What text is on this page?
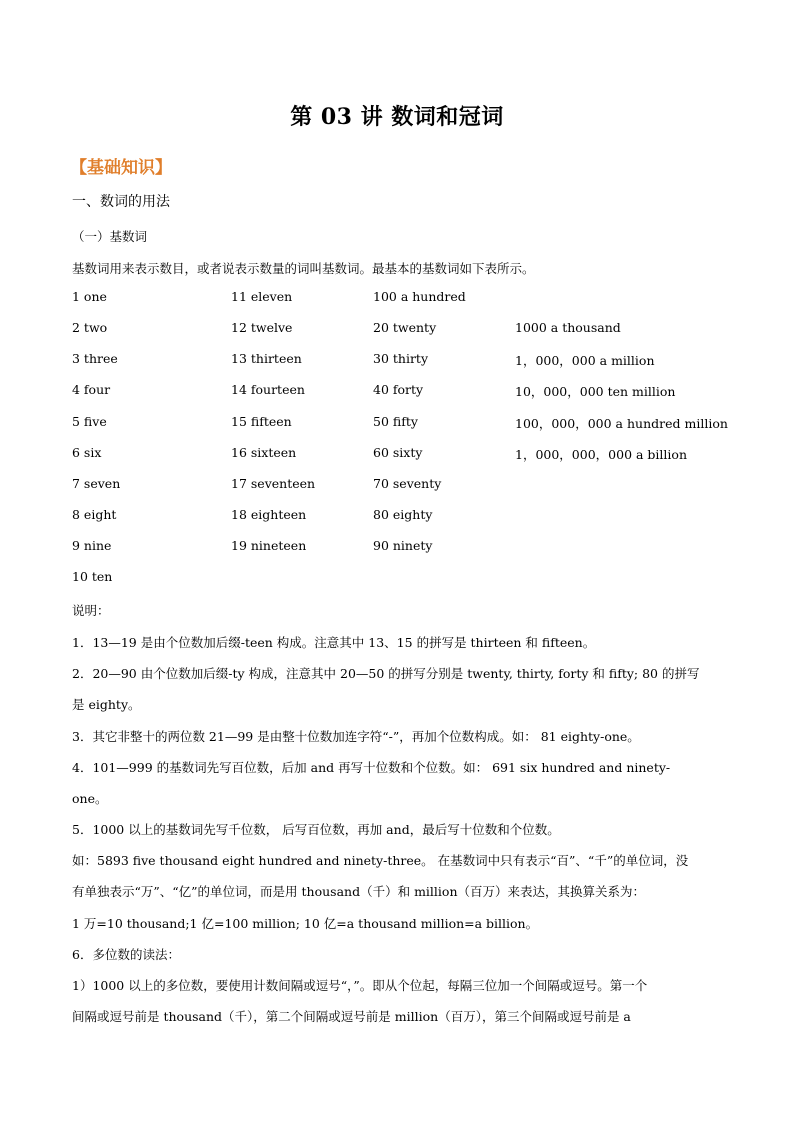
第 03 讲 数词和冠词
【基础知识】
一、数词的用法
（一）基数词
基数词用来表示数目，或者说表示数量的词叫基数词。最基本的基数词如下表所示。
1 one	11 eleven	100 a hundred
2 two	12 twelve	20 twenty	1000 a thousand
3 three	13 thirteen	30 thirty	1，000，000 a million
4 four	14 fourteen	40 forty	10，000，000 ten million
5 five	15 fifteen	50 fifty	100，000，000 a hundred million
6 six	16 sixteen	60 sixty	1，000，000，000 a billion
7 seven	17 seventeen	70 seventy
8 eight	18 eighteen	80 eighty
9 nine	19 nineteen	90 ninety
10 ten
说明：
1．13—19 是由个位数加后缀-teen 构成。注意其中 13、15 的拼写是 thirteen 和 fifteen。
2．20—90 由个位数加后缀-ty 构成，注意其中 20—50 的拼写分别是 twenty, thirty, forty 和 fifty; 80 的拼写
是 eighty。
3．其它非整十的两位数 21—99 是由整十位数加连字符“-”，再加个位数构成。如： 81 eighty-one。
4．101—999 的基数词先写百位数，后加 and 再写十位数和个位数。如： 691 six hundred and ninety-
one。
5．1000 以上的基数词先写千位数， 后写百位数，再加 and，最后写十位数和个位数。
如：5893 five thousand eight hundred and ninety-three。 在基数词中只有表示“百”、“千”的单位词，没
有单独表示“万”、“亿”的单位词，而是用 thousand（千）和 million（百万）来表达，其换算关系为：
1 万=10 thousand;1 亿=100 million; 10 亿=a thousand million=a billion。
6．多位数的读法：
1）1000 以上的多位数，要使用计数间隔或逗号“，”。即从个位起，每隔三位加一个间隔或逗号。第一个
间隔或逗号前是 thousand（千），第二个间隔或逗号前是 million（百万），第三个间隔或逗号前是 a
